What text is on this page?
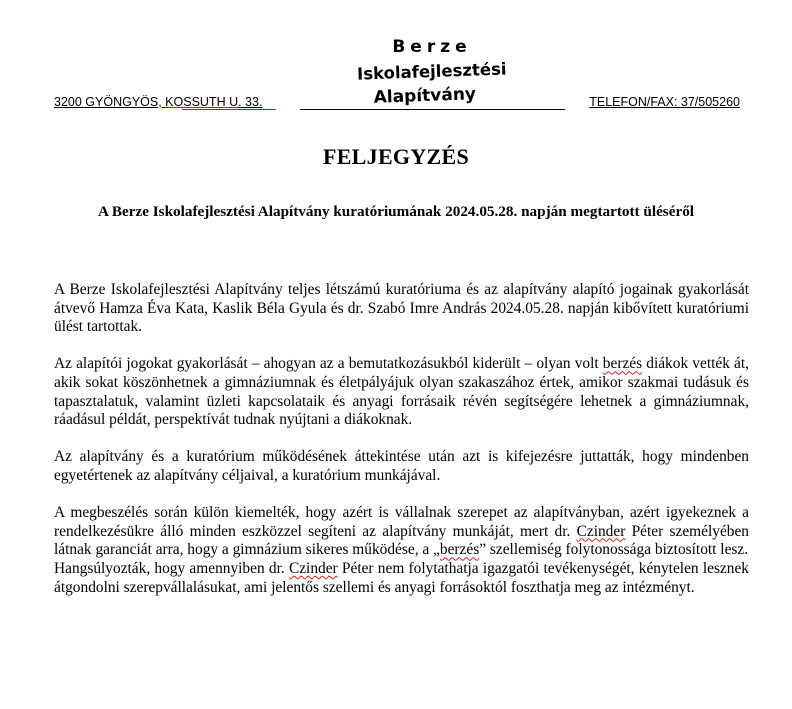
Berze
Iskolafejlesztési
Alapítvány
3200 GYÖNGYÖS, KOSSUTH U. 33.	TELEFON/FAX: 37/505260
FELJEGYZÉS
A Berze Iskolafejlesztési Alapítvány kuratóriumának 2024.05.28. napján megtartott üléséről

A Berze Iskolafejlesztési Alapítvány teljes létszámú kuratóriuma és az alapítvány alapító jogainak gyakorlását átvevő Hamza Éva Kata, Kaslik Béla Gyula és dr. Szabó Imre András 2024.05.28. napján kibővített kuratóriumi ülést tartottak.

Az alapítói jogokat gyakorlását – ahogyan az a bemutatkozásukból kiderült – olyan volt berzés diákok vették át, akik sokat köszönhetnek a gimnáziumnak és életpályájuk olyan szakaszához értek, amikor szakmai tudásuk és tapasztalatuk, valamint üzleti kapcsolataik és anyagi forrásaik révén segítségére lehetnek a gimnáziumnak, ráadásul példát, perspektívát tudnak nyújtani a diákoknak.

Az alapítvány és a kuratórium működésének áttekintése után azt is kifejezésre juttatták, hogy mindenben egyetértenek az alapítvány céljaival, a kuratórium munkájával.

A megbeszélés során külön kiemelték, hogy azért is vállalnak szerepet az alapítványban, azért igyekeznek a rendelkezésükre álló minden eszközzel segíteni az alapítvány munkáját, mert dr. Czinder Péter személyében látnak garanciát arra, hogy a gimnázium sikeres működése, a „berzés” szellemiség folytonossága biztosított lesz.

Hangsúlyozták, hogy amennyiben dr. Czinder Péter nem folytathatja igazgatói tevékenységét, kénytelen lesznek átgondolni szerepvállalásukat, ami jelentős szellemi és anyagi forrásoktól foszthatja meg az intézményt.
